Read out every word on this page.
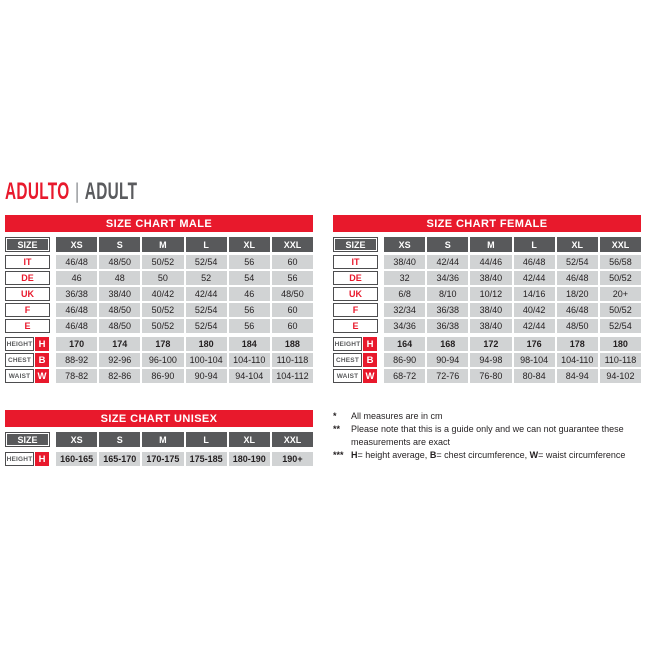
ADULTO | ADULT
SIZE CHART MALE
SIZE	XS	S	M	L	XL	XXL
IT	46/48	48/50	50/52	52/54	56	60
DE	46	48	50	52	54	56
UK	36/38	38/40	40/42	42/44	46	48/50
F	46/48	48/50	50/52	52/54	56	60
E	46/48	48/50	50/52	52/54	56	60
HEIGHT H	170	174	178	180	184	188
CHEST B	88-92	92-96	96-100	100-104	104-110	110-118
WAIST W	78-82	82-86	86-90	90-94	94-104	104-112
SIZE CHART FEMALE
SIZE	XS	S	M	L	XL	XXL
IT	38/40	42/44	44/46	46/48	52/54	56/58
DE	32	34/36	38/40	42/44	46/48	50/52
UK	6/8	8/10	10/12	14/16	18/20	20+
F	32/34	36/38	38/40	40/42	46/48	50/52
E	34/36	36/38	38/40	42/44	48/50	52/54
HEIGHT H	164	168	172	176	178	180
CHEST B	86-90	90-94	94-98	98-104	104-110	110-118
WAIST W	68-72	72-76	76-80	80-84	84-94	94-102
SIZE CHART UNISEX
SIZE	XS	S	M	L	XL	XXL
HEIGHT H	160-165	165-170	170-175	175-185	180-190	190+
*	All measures are in cm
**	Please note that this is a guide only and we can not guarantee these measurements are exact
*** H= height average, B= chest circumference, W= waist circumference
